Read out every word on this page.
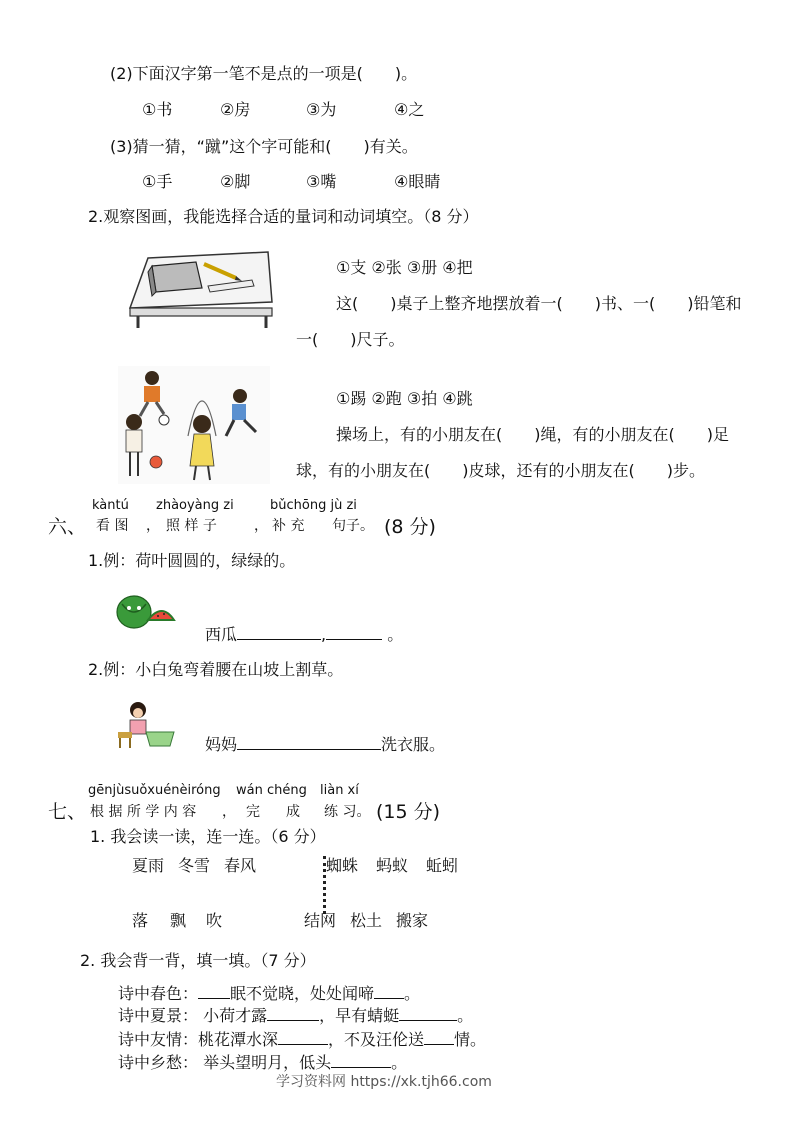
(2)下面汉字第一笔不是点的一项是(　　)。
①书	②房	③为	④之
(3)猜一猜，“蹴”这个字可能和(　　)有关。
①手	②脚	③嘴	④眼睛
2.观察图画，我能选择合适的量词和动词填空。（8 分）
①支 ②张 ③册 ④把
这(　　)桌子上整齐地摆放着一(　　)书、一(　　)铅笔和
一(　　)尺子。
①踢 ②跑 ③拍 ④跳
操场上，有的小朋友在(　　)绳，有的小朋友在(　　)足
球，有的小朋友在(　　)皮球，还有的小朋友在(　　)步。
六、
kàntú zhàoyàng zi	bǔchōng jù zi
看 图 ， 照 样 子	， 补 充 句子。 (8 分)
1.例：荷叶圆圆的，绿绿的。
西瓜	,	。
2.例：小白兔弯着腰在山坡上割草。
妈妈	洗衣服。
七、
gēnjùsuǒxuénèiróng wán chéng liàn xí
根 据 所 学 内 容 ， 完 成 练 习。 (15 分)
1. 我会读一读，连一连。（6 分）
夏雨 冬雪 春风	蜘蛛 蚂蚁 蚯蚓
落 飘 吹	结网 松土 搬家
2. 我会背一背，填一填。（7 分）
诗中春色： 眠不觉晓，处处闻啼 。
诗中夏景： 小荷才露	，早有蜻蜓	。
诗中友情：桃花潭水深	，不及汪伦送 情。
诗中乡愁： 举头望明月，低头	。
学习资料网 https://xk.tjh66.com
